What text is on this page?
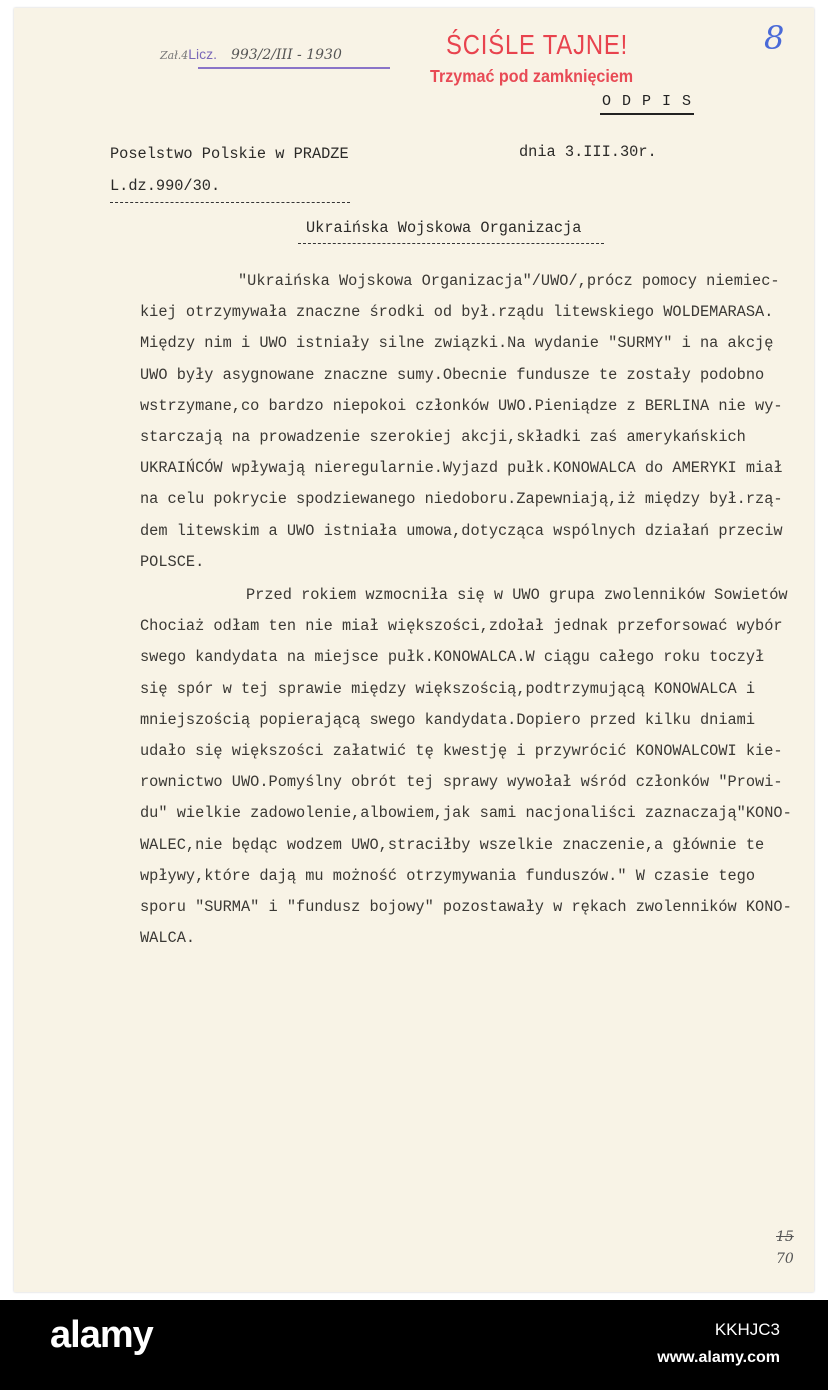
Zał.4Licz. 993/2/III - 1930	8
ŚCIŚLE TAJNE!
Trzymać pod zamknięciem
O D P I S
Poselstwo Polskie w PRADZE	dnia 3.III.30r.
L.dz.990/30.
Ukraińska Wojskowa Organizacja
"Ukraińska Wojskowa Organizacja"/UWO/,prócz pomocy niemiec-
kiej otrzymywała znaczne środki od był.rządu litewskiego WOLDEMARASA.
Między nim i UWO istniały silne związki.Na wydanie "SURMY" i na akcję
UWO były asygnowane znaczne sumy.Obecnie fundusze te zostały podobno
wstrzymane,co bardzo niepokoi członków UWO.Pieniądze z BERLINA nie wy-
starczają na prowadzenie szerokiej akcji,składki zaś amerykańskich
UKRAIŃCÓW wpływają nieregularnie.Wyjazd pułk.KONOWALCA do AMERYKI miał
na celu pokrycie spodziewanego niedoboru.Zapewniają,iż między był.rzą-
dem litewskim a UWO istniała umowa,dotycząca wspólnych działań przeciw
POLSCE.
Przed rokiem wzmocniła się w UWO grupa zwolenników Sowietów
Chociaż odłam ten nie miał większości,zdołał jednak przeforsować wybór
swego kandydata na miejsce pułk.KONOWALCA.W ciągu całego roku toczył
się spór w tej sprawie między większością,podtrzymującą KONOWALCA i
mniejszością popierającą swego kandydata.Dopiero przed kilku dniami
udało się większości załatwić tę kwestję i przywrócić KONOWALCOWI kie-
rownictwo UWO.Pomyślny obrót tej sprawy wywołał wśród członków "Prowi-
du" wielkie zadowolenie,albowiem,jak sami nacjonaliści zaznaczają"KONO-
WALEC,nie będąc wodzem UWO,straciłby wszelkie znaczenie,a głównie te
wpływy,które dają mu możność otrzymywania funduszów." W czasie tego
sporu "SURMA" i "fundusz bojowy" pozostawały w rękach zwolenników KONO-
WALCA.
15
70
alamy	KKHJC3
www.alamy.com
